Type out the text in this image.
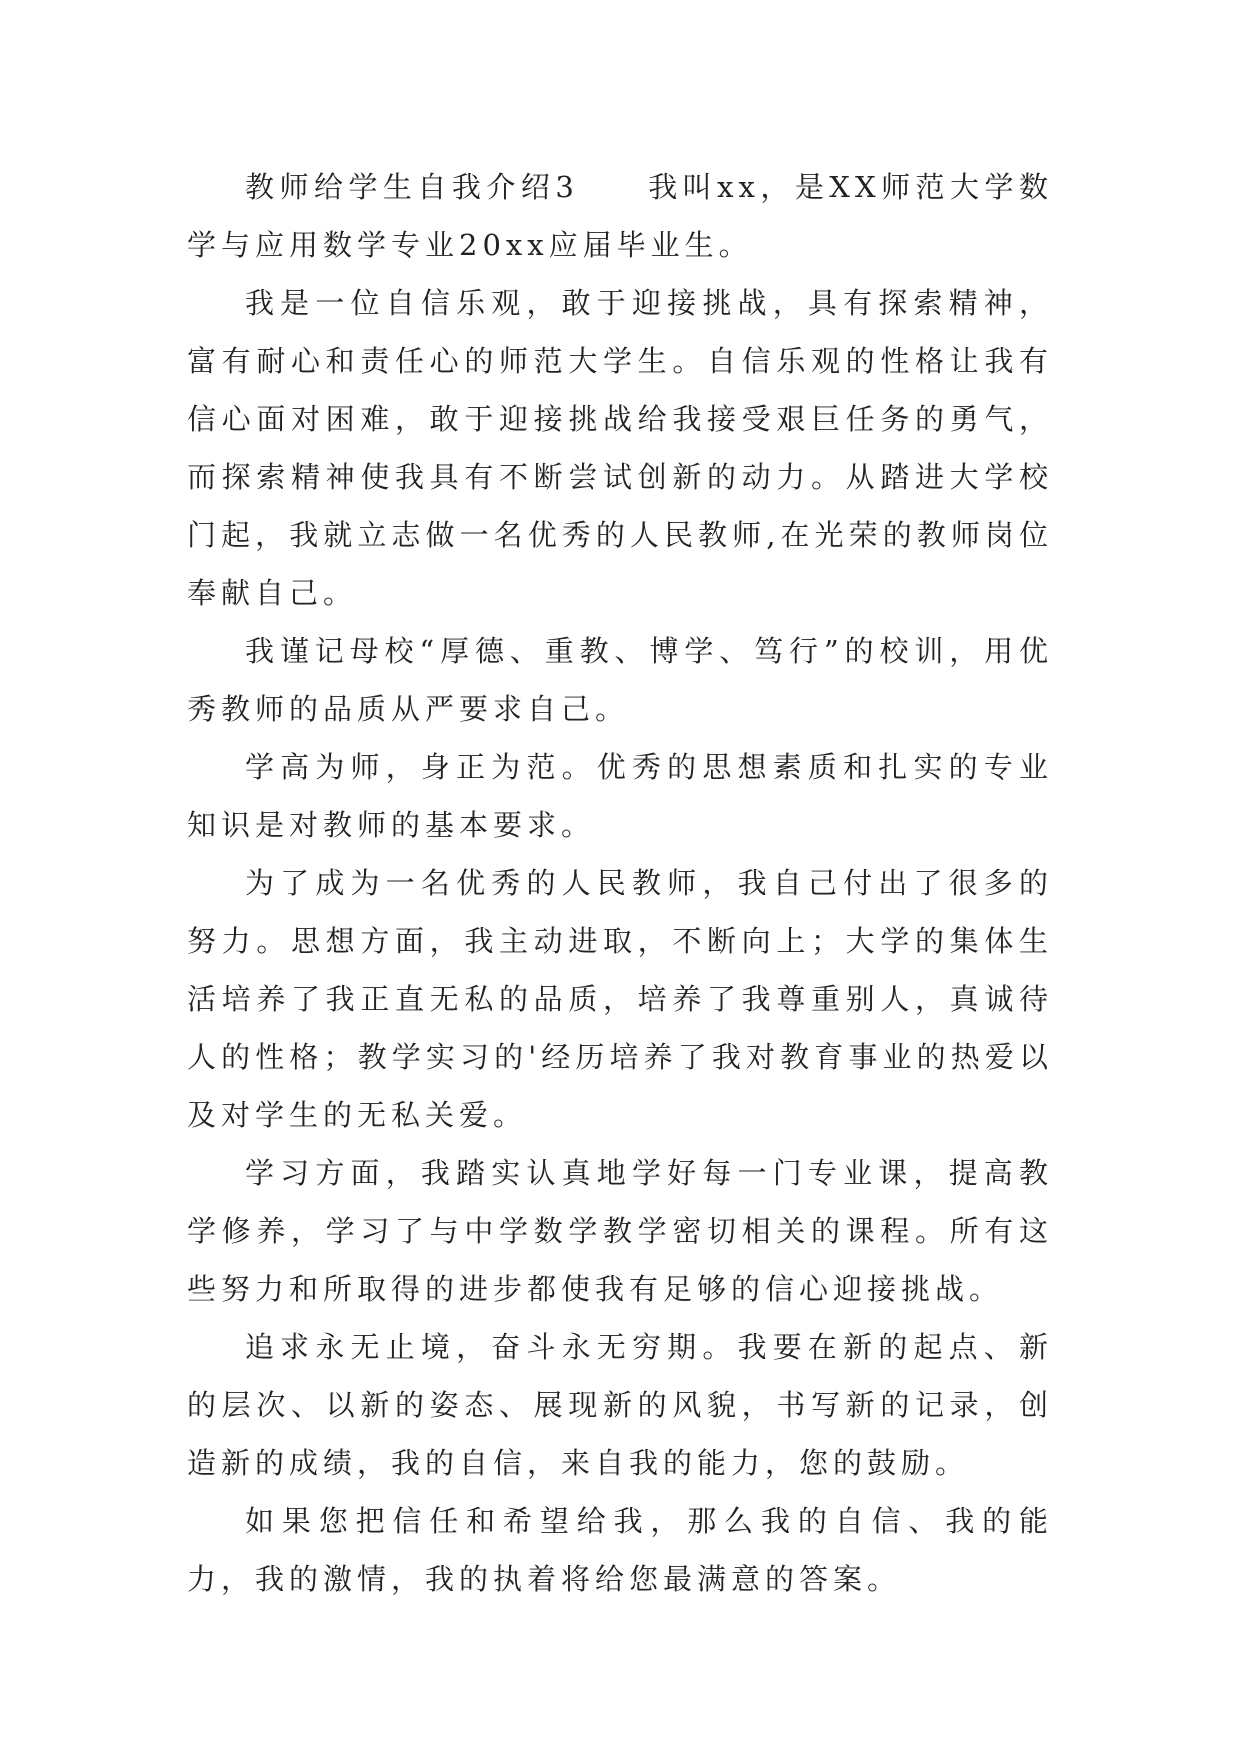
教师给学生自我介绍3　　我叫xx，是XX师范大学数学与应用数学专业20xx应届毕业生。

我是一位自信乐观，敢于迎接挑战，具有探索精神，富有耐心和责任心的师范大学生。自信乐观的性格让我有信心面对困难，敢于迎接挑战给我接受艰巨任务的勇气，而探索精神使我具有不断尝试创新的动力。从踏进大学校门起，我就立志做一名优秀的人民教师,在光荣的教师岗位奉献自己。

我谨记母校“厚德、重教、博学、笃行”的校训，用优秀教师的品质从严要求自己。

学高为师，身正为范。优秀的思想素质和扎实的专业知识是对教师的基本要求。

为了成为一名优秀的人民教师，我自己付出了很多的努力。思想方面，我主动进取，不断向上；大学的集体生活培养了我正直无私的品质，培养了我尊重别人，真诚待人的性格；教学实习的'经历培养了我对教育事业的热爱以及对学生的无私关爱。

学习方面，我踏实认真地学好每一门专业课，提高教学修养，学习了与中学数学教学密切相关的课程。所有这些努力和所取得的进步都使我有足够的信心迎接挑战。

追求永无止境，奋斗永无穷期。我要在新的起点、新的层次、以新的姿态、展现新的风貌，书写新的记录，创造新的成绩，我的自信，来自我的能力，您的鼓励。

如果您把信任和希望给我，那么我的自信、我的能力，我的激情，我的执着将给您最满意的答案。
